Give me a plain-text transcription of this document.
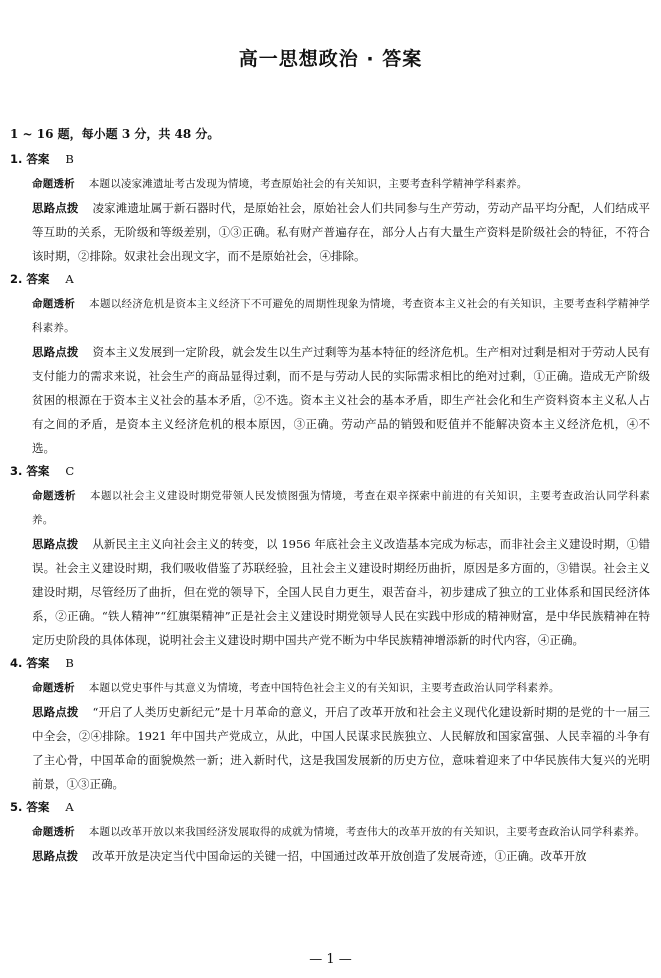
高一思想政治 · 答案
1 ~ 16 题，每小题 3 分，共 48 分。
1. 答案 B
命题透析 本题以凌家滩遗址考古发现为情境，考查原始社会的有关知识，主要考查科学精神学科素养。
思路点拨 凌家滩遗址属于新石器时代，是原始社会，原始社会人们共同参与生产劳动，劳动产品平均分配，人们结成平等互助的关系，无阶级和等级差别，①③正确。私有财产普遍存在，部分人占有大量生产资料是阶级社会的特征，不符合该时期，②排除。奴隶社会出现文字，而不是原始社会，④排除。
2. 答案 A
命题透析 本题以经济危机是资本主义经济下不可避免的周期性现象为情境，考查资本主义社会的有关知识，主要考查科学精神学科素养。
思路点拨 资本主义发展到一定阶段，就会发生以生产过剩等为基本特征的经济危机。生产相对过剩是相对于劳动人民有支付能力的需求来说，社会生产的商品显得过剩，而不是与劳动人民的实际需求相比的绝对过剩，①正确。造成无产阶级贫困的根源在于资本主义社会的基本矛盾，②不选。资本主义社会的基本矛盾，即生产社会化和生产资料资本主义私人占有之间的矛盾，是资本主义经济危机的根本原因，③正确。劳动产品的销毁和贬值并不能解决资本主义经济危机，④不选。
3. 答案 C
命题透析 本题以社会主义建设时期党带领人民发愤图强为情境，考查在艰辛探索中前进的有关知识，主要考查政治认同学科素养。
思路点拨 从新民主主义向社会主义的转变，以 1956 年底社会主义改造基本完成为标志，而非社会主义建设时期，①错误。社会主义建设时期，我们吸收借鉴了苏联经验，且社会主义建设时期经历曲折，原因是多方面的，③错误。社会主义建设时期，尽管经历了曲折，但在党的领导下，全国人民自力更生，艰苦奋斗，初步建成了独立的工业体系和国民经济体系，②正确。“铁人精神”“红旗渠精神”正是社会主义建设时期党领导人民在实践中形成的精神财富，是中华民族精神在特定历史阶段的具体体现，说明社会主义建设时期中国共产党不断为中华民族精神增添新的时代内容，④正确。
4. 答案 B
命题透析 本题以党史事件与其意义为情境，考查中国特色社会主义的有关知识，主要考查政治认同学科素养。
思路点拨 “开启了人类历史新纪元”是十月革命的意义，开启了改革开放和社会主义现代化建设新时期的是党的十一届三中全会，②④排除。1921 年中国共产党成立，从此，中国人民谋求民族独立、人民解放和国家富强、人民幸福的斗争有了主心骨，中国革命的面貌焕然一新；进入新时代，这是我国发展新的历史方位，意味着迎来了中华民族伟大复兴的光明前景，①③正确。
5. 答案 A
命题透析 本题以改革开放以来我国经济发展取得的成就为情境，考查伟大的改革开放的有关知识，主要考查政治认同学科素养。
思路点拨 改革开放是决定当代中国命运的关键一招，中国通过改革开放创造了发展奇迹，①正确。改革开放
— 1 —
